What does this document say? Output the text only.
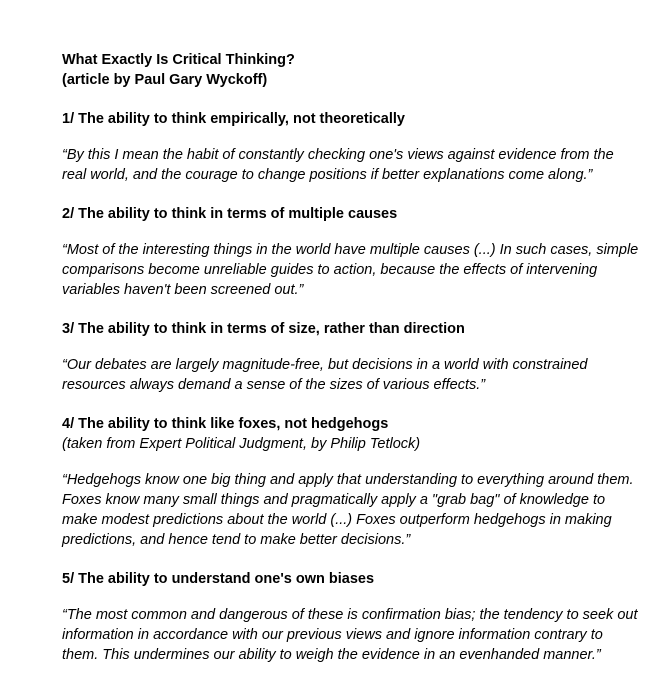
What Exactly Is Critical Thinking?
(article by Paul Gary Wyckoff)

1/ The ability to think empirically, not theoretically

“By this I mean the habit of constantly checking one's views against evidence from the
real world, and the courage to change positions if better explanations come along.”

2/ The ability to think in terms of multiple causes

“Most of the interesting things in the world have multiple causes (...) In such cases, simple
comparisons become unreliable guides to action, because the effects of intervening
variables haven't been screened out.”

3/ The ability to think in terms of size, rather than direction

“Our debates are largely magnitude-free, but decisions in a world with constrained
resources always demand a sense of the sizes of various effects.”

4/ The ability to think like foxes, not hedgehogs

(taken from Expert Political Judgment, by Philip Tetlock)

“Hedgehogs know one big thing and apply that understanding to everything around them.
Foxes know many small things and pragmatically apply a "grab bag" of knowledge to
make modest predictions about the world (...) Foxes outperform hedgehogs in making
predictions, and hence tend to make better decisions.”

5/ The ability to understand one's own biases

“The most common and dangerous of these is confirmation bias; the tendency to seek out
information in accordance with our previous views and ignore information contrary to
them. This undermines our ability to weigh the evidence in an evenhanded manner.”
